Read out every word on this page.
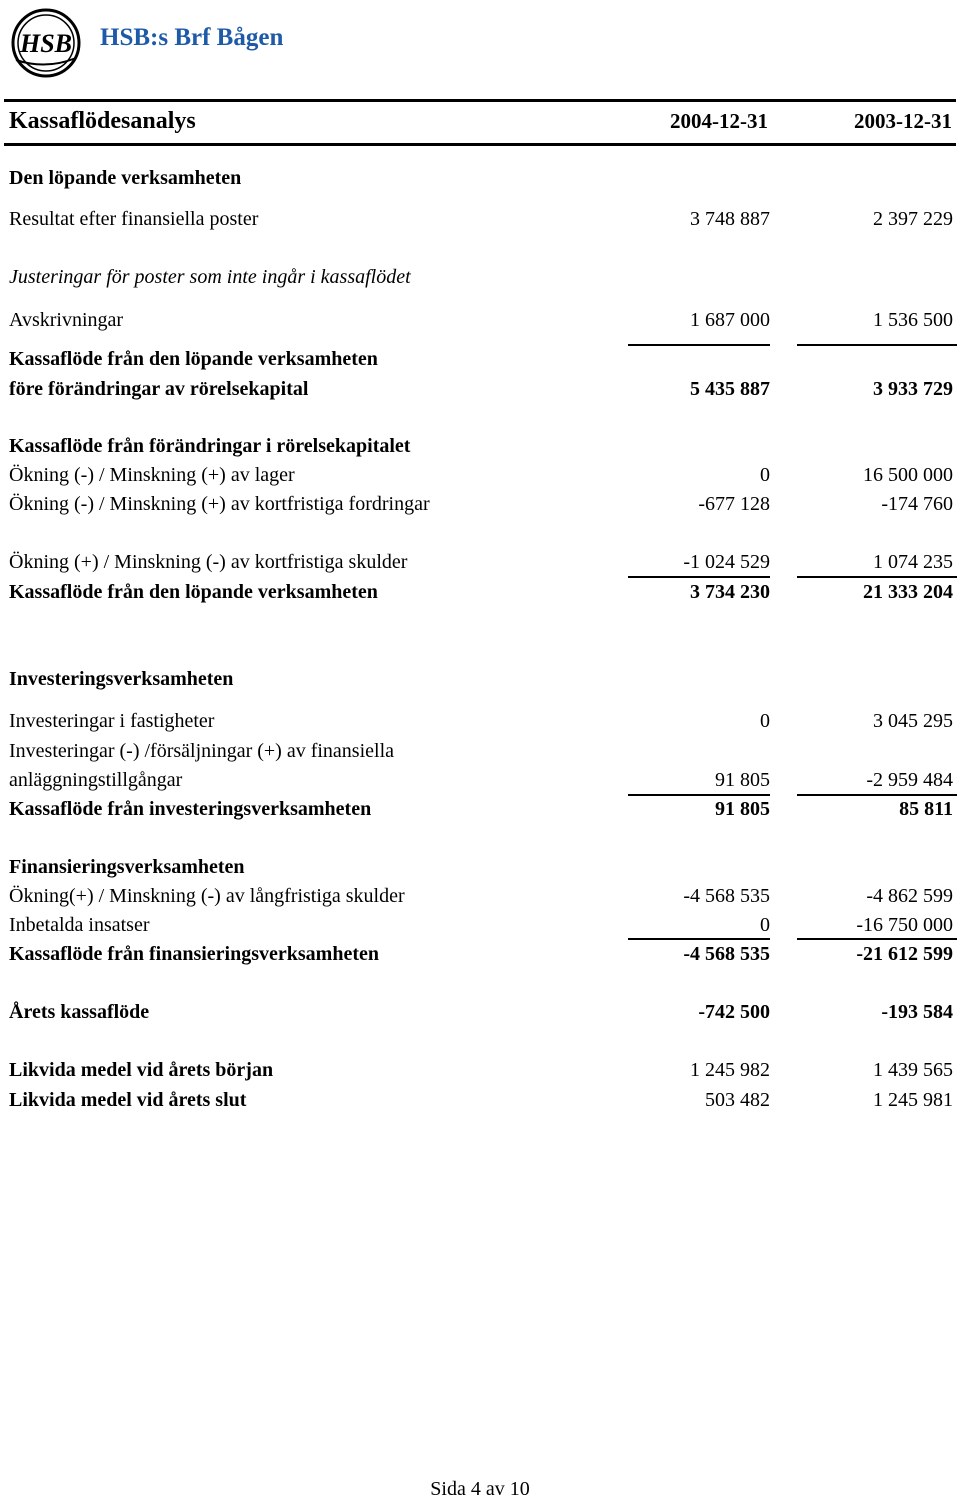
HSB HSB:s Brf Bågen
Kassaflödesanalys	2004-12-31	2003-12-31
Den löpande verksamheten
Resultat efter finansiella poster	3 748 887	2 397 229
Justeringar för poster som inte ingår i kassaflödet
Avskrivningar	1 687 000	1 536 500
Kassaflöde från den löpande verksamheten
före förändringar av rörelsekapital	5 435 887	3 933 729
Kassaflöde från förändringar i rörelsekapitalet
Ökning (-) / Minskning (+) av lager	0	16 500 000
Ökning (-) / Minskning (+) av kortfristiga fordringar	-677 128	-174 760
Ökning (+) / Minskning (-) av kortfristiga skulder	-1 024 529	1 074 235
Kassaflöde från den löpande verksamheten	3 734 230	21 333 204
Investeringsverksamheten
Investeringar i fastigheter	0	3 045 295
Investeringar (-) /försäljningar (+) av finansiella
anläggningstillgångar	91 805	-2 959 484
Kassaflöde från investeringsverksamheten	91 805	85 811
Finansieringsverksamheten
Ökning(+) / Minskning (-) av långfristiga skulder	-4 568 535	-4 862 599
Inbetalda insatser	0	-16 750 000
Kassaflöde från finansieringsverksamheten	-4 568 535	-21 612 599
Årets kassaflöde	-742 500	-193 584
Likvida medel vid årets början	1 245 982	1 439 565
Likvida medel vid årets slut	503 482	1 245 981
Sida 4 av 10
